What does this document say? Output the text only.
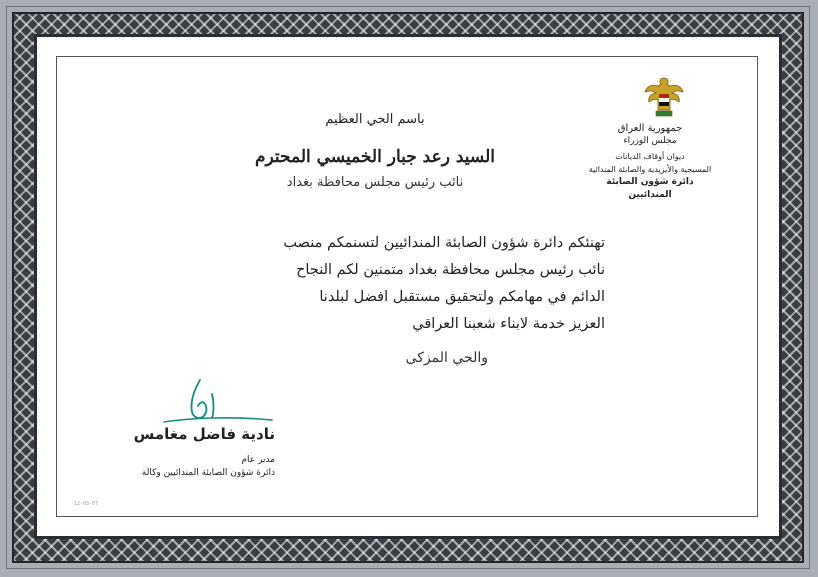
جمهورية العراق
مجلس الوزراء
ديوان أوقاف الديانات
المسيحية والأيزيدية والصابئة المندائية
دائرة شؤون الصابئة المندائيين

باسم الحي العظيم

السيد رعد جبار الخميسي المحترم

نائب رئيس مجلس محافظة بغداد

تهنئكم دائرة شؤون الصابئة المندائيين لتسنمكم منصب

نائب رئيس مجلس محافظة بغداد متمنين لكم النجاح

الدائم في مهامكم ولتحقيق مستقبل افضل لبلدنا

العزيز خدمة لابناء شعبنا العراقي

والحي المزكى

نادية فاضل مغامس

مدير عام

دائرة شؤون الصابئة المندائيين وكالة

12-03-07
